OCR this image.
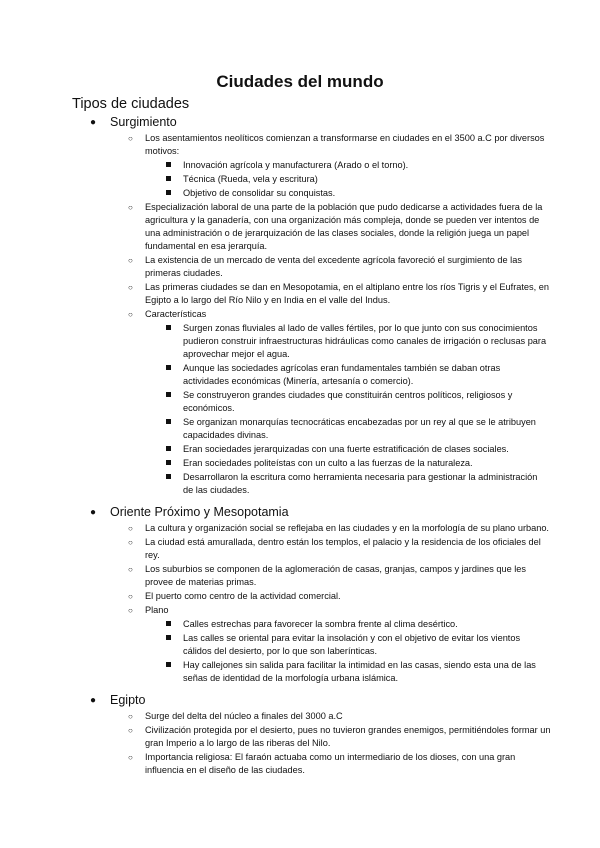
Ciudades del mundo
Tipos de ciudades
● Surgimiento
○ Los asentamientos neolíticos comienzan a transformarse en ciudades en el 3500 a.C por diversos motivos:
Innovación agrícola y manufacturera (Arado o el torno).
Técnica (Rueda, vela y escritura)
Objetivo de consolidar su conquistas.
○ Especialización laboral de una parte de la población que pudo dedicarse a actividades fuera de la agricultura y la ganadería, con una organización más compleja, donde se pueden ver intentos de una administración o de jerarquización de las clases sociales, donde la religión juega un papel fundamental en esa jerarquía.
○ La existencia de un mercado de venta del excedente agrícola favoreció el surgimiento de las primeras ciudades.
○ Las primeras ciudades se dan en Mesopotamia, en el altiplano entre los ríos Tigris y el Eufrates, en Egipto a lo largo del Río Nilo y en India en el valle del Indus.
○ Características
Surgen zonas fluviales al lado de valles fértiles, por lo que junto con sus conocimientos pudieron construir infraestructuras hidráulicas como canales de irrigación o reclusas para aprovechar mejor el agua.
Aunque las sociedades agrícolas eran fundamentales también se daban otras actividades económicas (Minería, artesanía o comercio).
Se construyeron grandes ciudades que constituirán centros políticos, religiosos y económicos.
Se organizan monarquías tecnocráticas encabezadas por un rey al que se le atribuyen capacidades divinas.
Eran sociedades jerarquizadas con una fuerte estratificación de clases sociales.
Eran sociedades politeístas con un culto a las fuerzas de la naturaleza.
Desarrollaron la escritura como herramienta necesaria para gestionar la administración de las ciudades.
● Oriente Próximo y Mesopotamia
○ La cultura y organización social se reflejaba en las ciudades y en la morfología de su plano urbano.
○ La ciudad está amurallada, dentro están los templos, el palacio y la residencia de los oficiales del rey.
○ Los suburbios se componen de la aglomeración de casas, granjas, campos y jardines que les provee de materias primas.
○ El puerto como centro de la actividad comercial.
○ Plano
Calles estrechas para favorecer la sombra frente al clima desértico.
Las calles se oriental para evitar la insolación y con el objetivo de evitar los vientos cálidos del desierto, por lo que son laberínticas.
Hay callejones sin salida para facilitar la intimidad en las casas, siendo esta una de las señas de identidad de la morfología urbana islámica.
● Egipto
○ Surge del delta del núcleo a finales del 3000 a.C
○ Civilización protegida por el desierto, pues no tuvieron grandes enemigos, permitiéndoles formar un gran Imperio a lo largo de las riberas del Nilo.
○ Importancia religiosa: El faraón actuaba como un intermediario de los dioses, con una gran influencia en el diseño de las ciudades.
